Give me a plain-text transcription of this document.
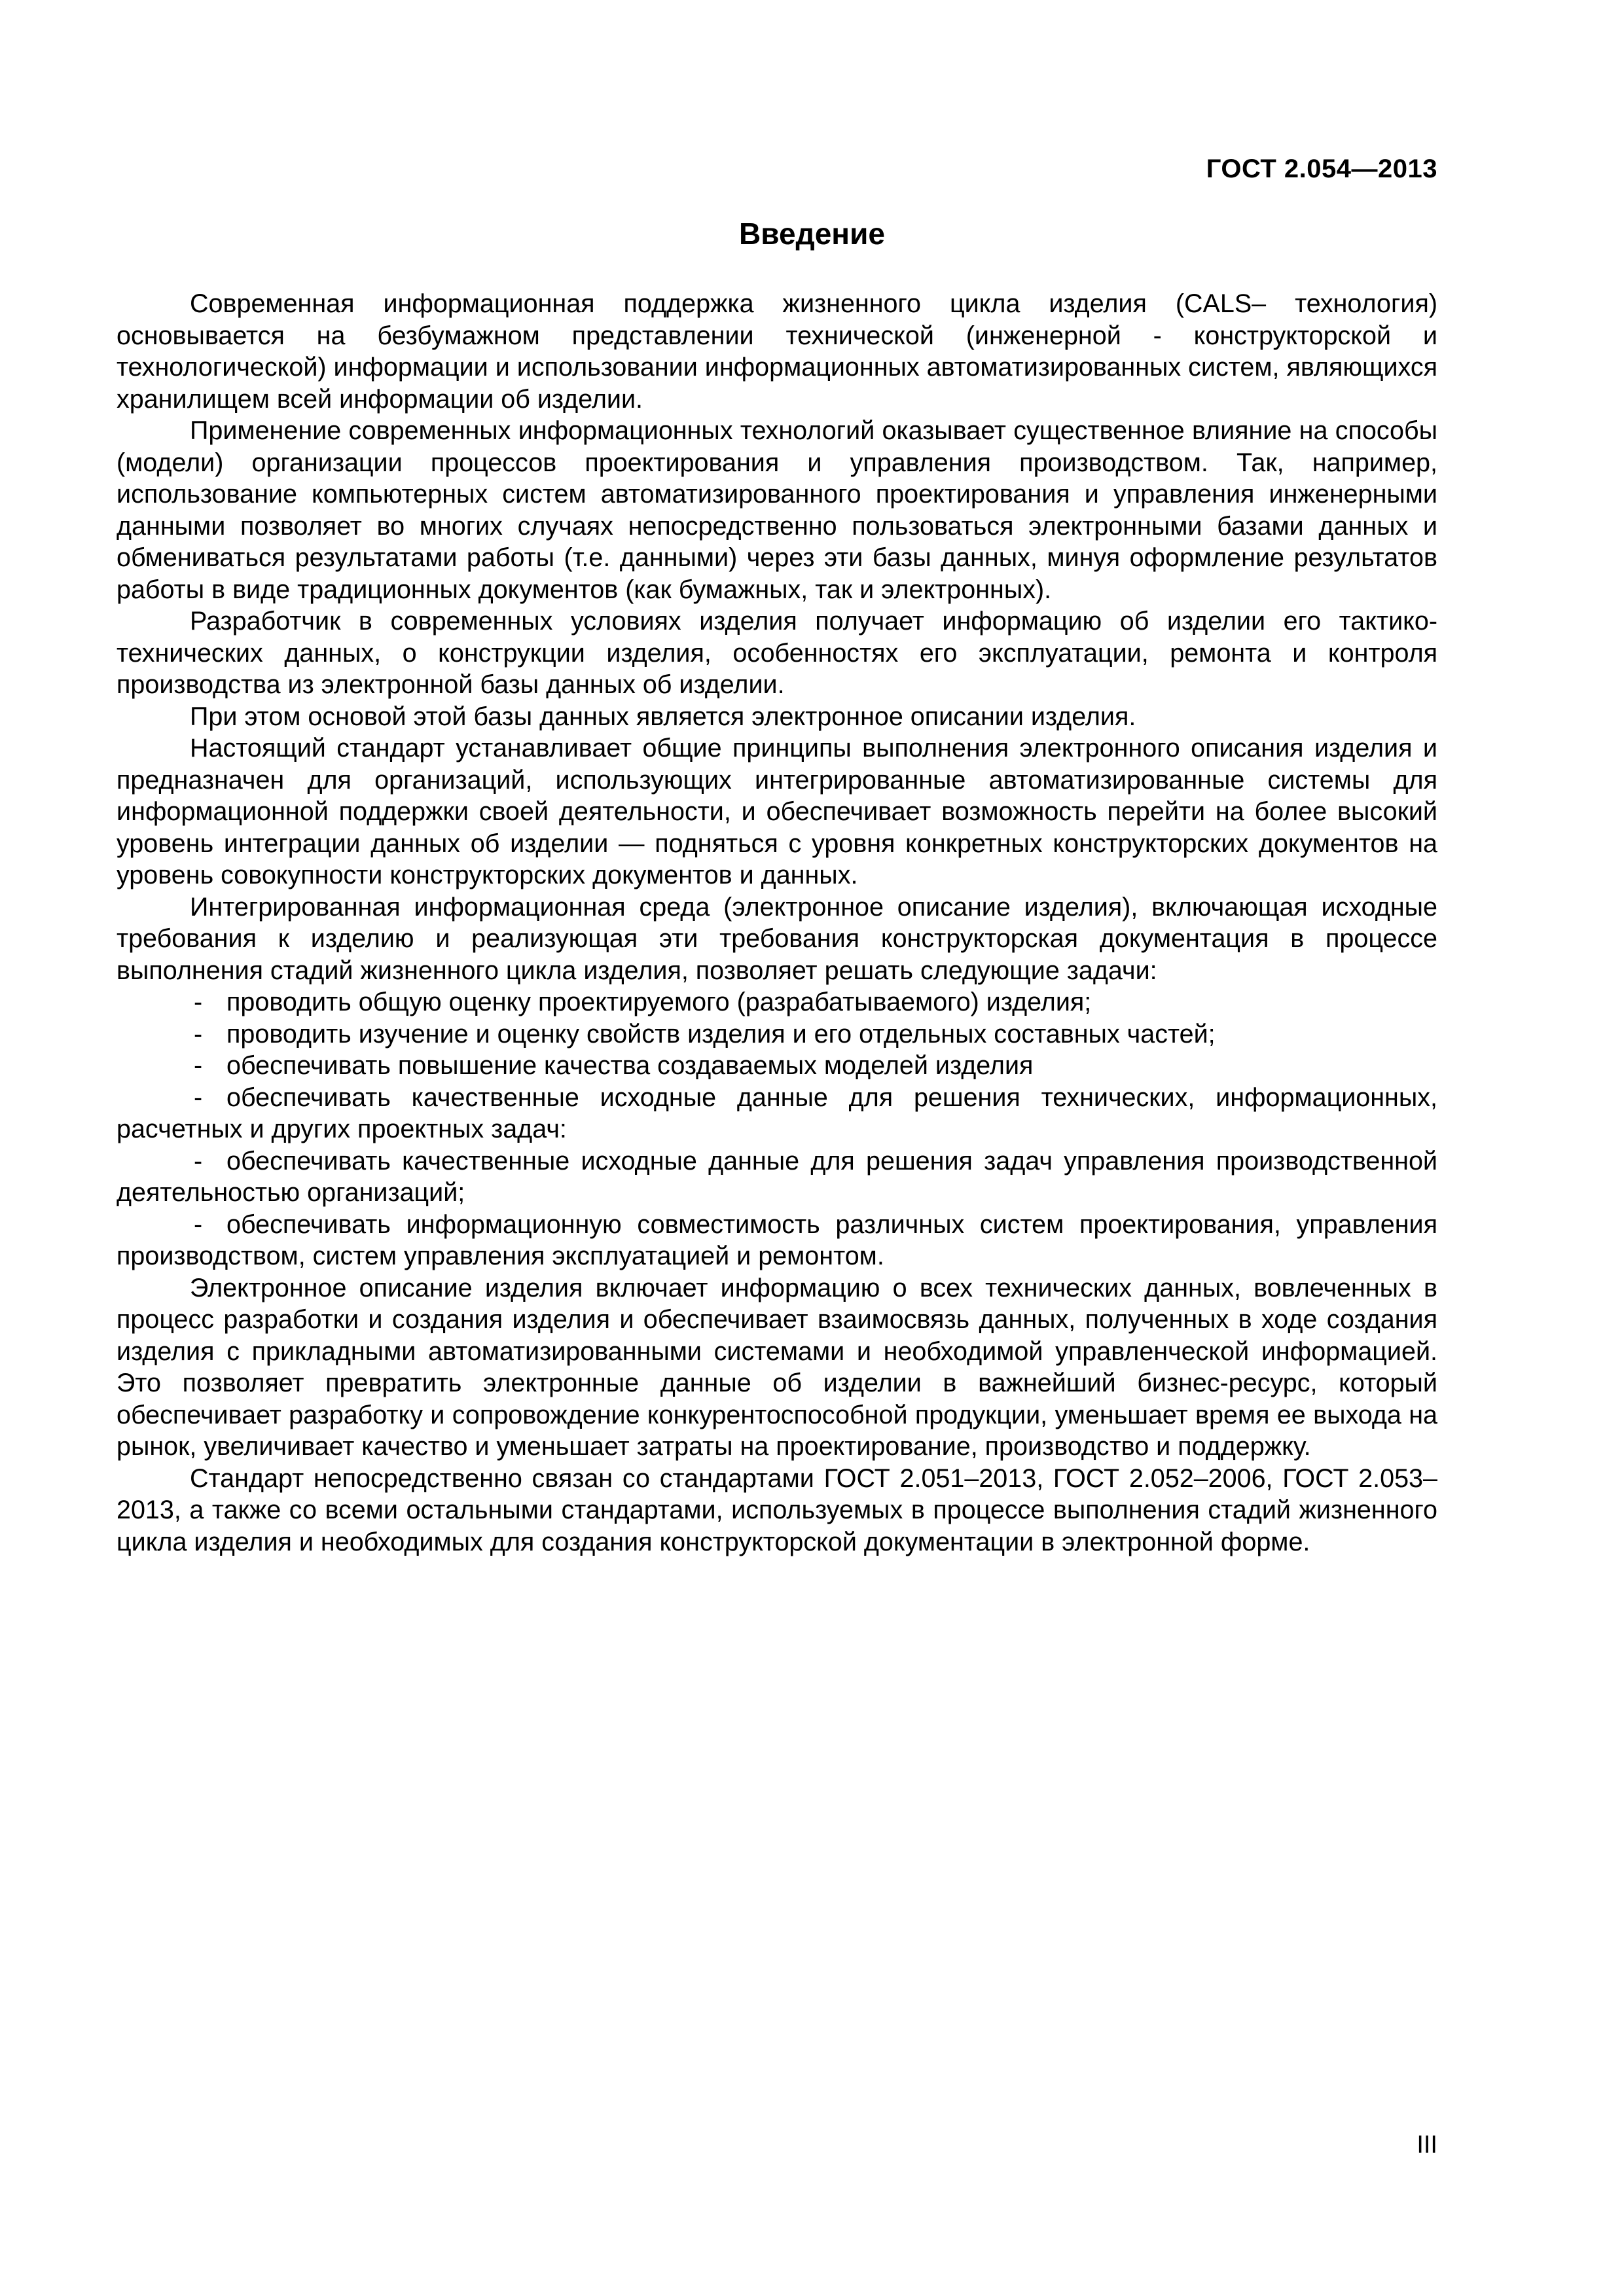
ГОСТ 2.054—2013
Введение

Современная информационная поддержка жизненного цикла изделия (CALS– технология) основывается на безбумажном представлении технической (инженерной - конструкторской и технологической) информации и использовании информационных автоматизированных систем, являющихся хранилищем всей информации об изделии.

Применение современных информационных технологий оказывает существенное влияние на способы (модели) организации процессов проектирования и управления производством. Так, например, использование компьютерных систем автоматизированного проектирования и управления инженерными данными позволяет во многих случаях непосредственно пользоваться электронными базами данных и обмениваться результатами работы (т.е. данными) через эти базы данных, минуя оформление результатов работы в виде традиционных документов (как бумажных, так и электронных).

Разработчик в современных условиях изделия получает информацию об изделии его тактико-технических данных, о конструкции изделия, особенностях его эксплуатации, ремонта и контроля производства из электронной базы данных об изделии.

При этом основой этой базы данных является электронное описании изделия.

Настоящий стандарт устанавливает общие принципы выполнения электронного описания изделия и предназначен для организаций, использующих интегрированные автоматизированные системы для информационной поддержки своей деятельности, и обеспечивает возможность перейти на более высокий уровень интеграции данных об изделии — подняться с уровня конкретных конструкторских документов на уровень совокупности конструкторских документов и данных.

Интегрированная информационная среда (электронное описание изделия), включающая исходные требования к изделию и реализующая эти требования конструкторская документация в процессе выполнения стадий жизненного цикла изделия, позволяет решать следующие задачи:

- проводить общую оценку проектируемого (разрабатываемого) изделия;

- проводить изучение и оценку свойств изделия и его отдельных составных частей;

- обеспечивать повышение качества создаваемых моделей изделия

- обеспечивать качественные исходные данные для решения технических, информационных, расчетных и других проектных задач:

- обеспечивать качественные исходные данные для решения задач управления производственной деятельностью организаций;

- обеспечивать информационную совместимость различных систем проектирования, управления производством, систем управления эксплуатацией и ремонтом.

Электронное описание изделия включает информацию о всех технических данных, вовлеченных в процесс разработки и создания изделия и обеспечивает взаимосвязь данных, полученных в ходе создания изделия с прикладными автоматизированными системами и необходимой управленческой информацией. Это позволяет превратить электронные данные об изделии в важнейший бизнес-ресурс, который обеспечивает разработку и сопровождение конкурентоспособной продукции, уменьшает время ее выхода на рынок, увеличивает качество и уменьшает затраты на проектирование, производство и поддержку.

Стандарт непосредственно связан со стандартами ГОСТ 2.051–2013, ГОСТ 2.052–2006, ГОСТ 2.053–2013, а также со всеми остальными стандартами, используемых в процессе выполнения стадий жизненного цикла изделия и необходимых для создания конструкторской документации в электронной форме.

III
